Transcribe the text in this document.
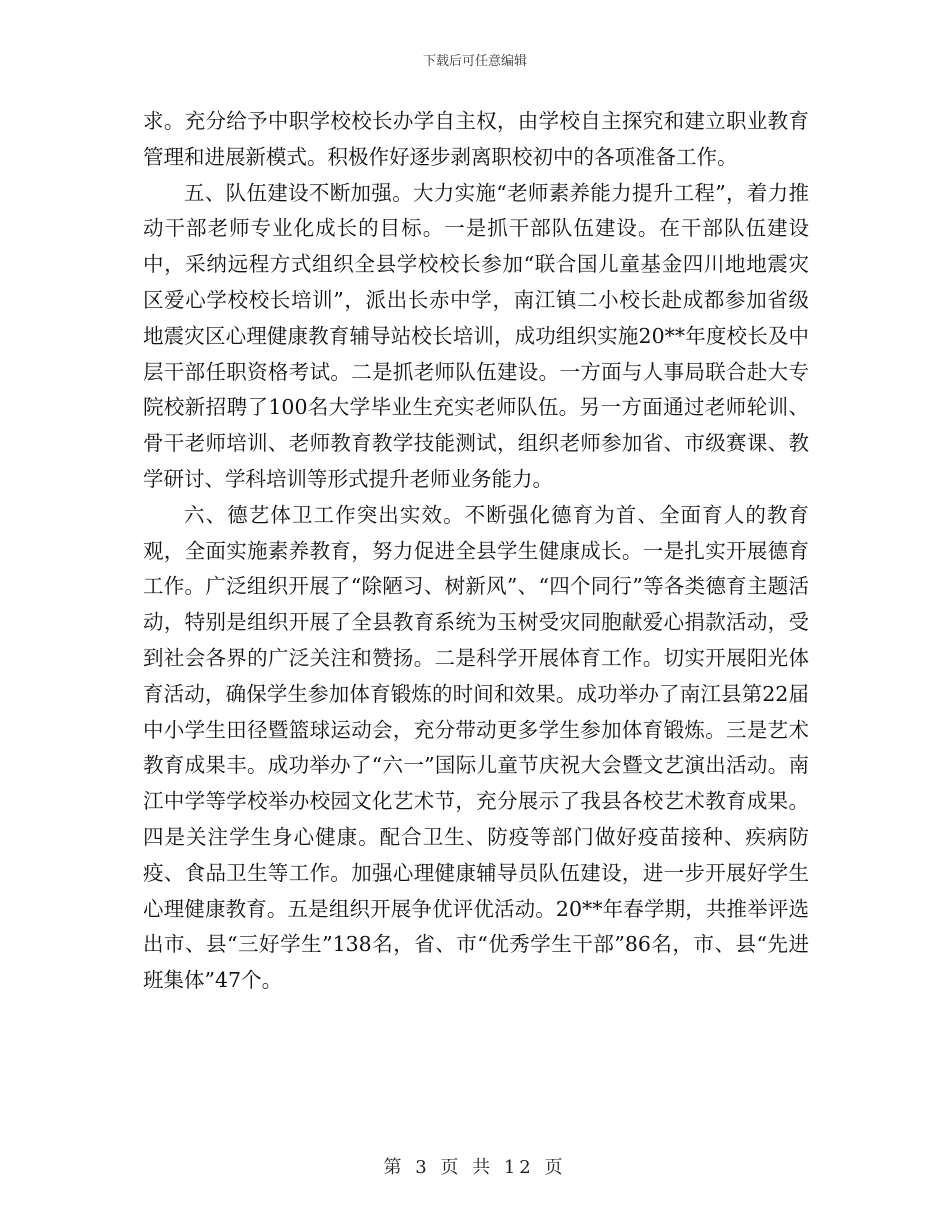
下载后可任意编辑

求。充分给予中职学校校长办学自主权，由学校自主探究和建立职业教育管理和进展新模式。积极作好逐步剥离职校初中的各项准备工作。

五、队伍建设不断加强。大力实施“老师素养能力提升工程”，着力推动干部老师专业化成长的目标。一是抓干部队伍建设。在干部队伍建设中，采纳远程方式组织全县学校校长参加“联合国儿童基金四川地地震灾区爱心学校校长培训”，派出长赤中学，南江镇二小校长赴成都参加省级地震灾区心理健康教育辅导站校长培训，成功组织实施20**年度校长及中层干部任职资格考试。二是抓老师队伍建设。一方面与人事局联合赴大专院校新招聘了100名大学毕业生充实老师队伍。另一方面通过老师轮训、骨干老师培训、老师教育教学技能测试，组织老师参加省、市级赛课、教学研讨、学科培训等形式提升老师业务能力。

六、德艺体卫工作突出实效。不断强化德育为首、全面育人的教育观，全面实施素养教育，努力促进全县学生健康成长。一是扎实开展德育工作。广泛组织开展了“除陋习、树新风”、“四个同行”等各类德育主题活动，特别是组织开展了全县教育系统为玉树受灾同胞献爱心捐款活动，受到社会各界的广泛关注和赞扬。二是科学开展体育工作。切实开展阳光体育活动，确保学生参加体育锻炼的时间和效果。成功举办了南江县第22届中小学生田径暨篮球运动会，充分带动更多学生参加体育锻炼。三是艺术教育成果丰。成功举办了“六一”国际儿童节庆祝大会暨文艺演出活动。南江中学等学校举办校园文化艺术节，充分展示了我县各校艺术教育成果。四是关注学生身心健康。配合卫生、防疫等部门做好疫苗接种、疾病防疫、食品卫生等工作。加强心理健康辅导员队伍建设，进一步开展好学生心理健康教育。五是组织开展争优评优活动。20**年春学期，共推举评选出市、县“三好学生”138名，省、市“优秀学生干部”86名，市、县“先进班集体”47个。

第 3 页 共 12 页
